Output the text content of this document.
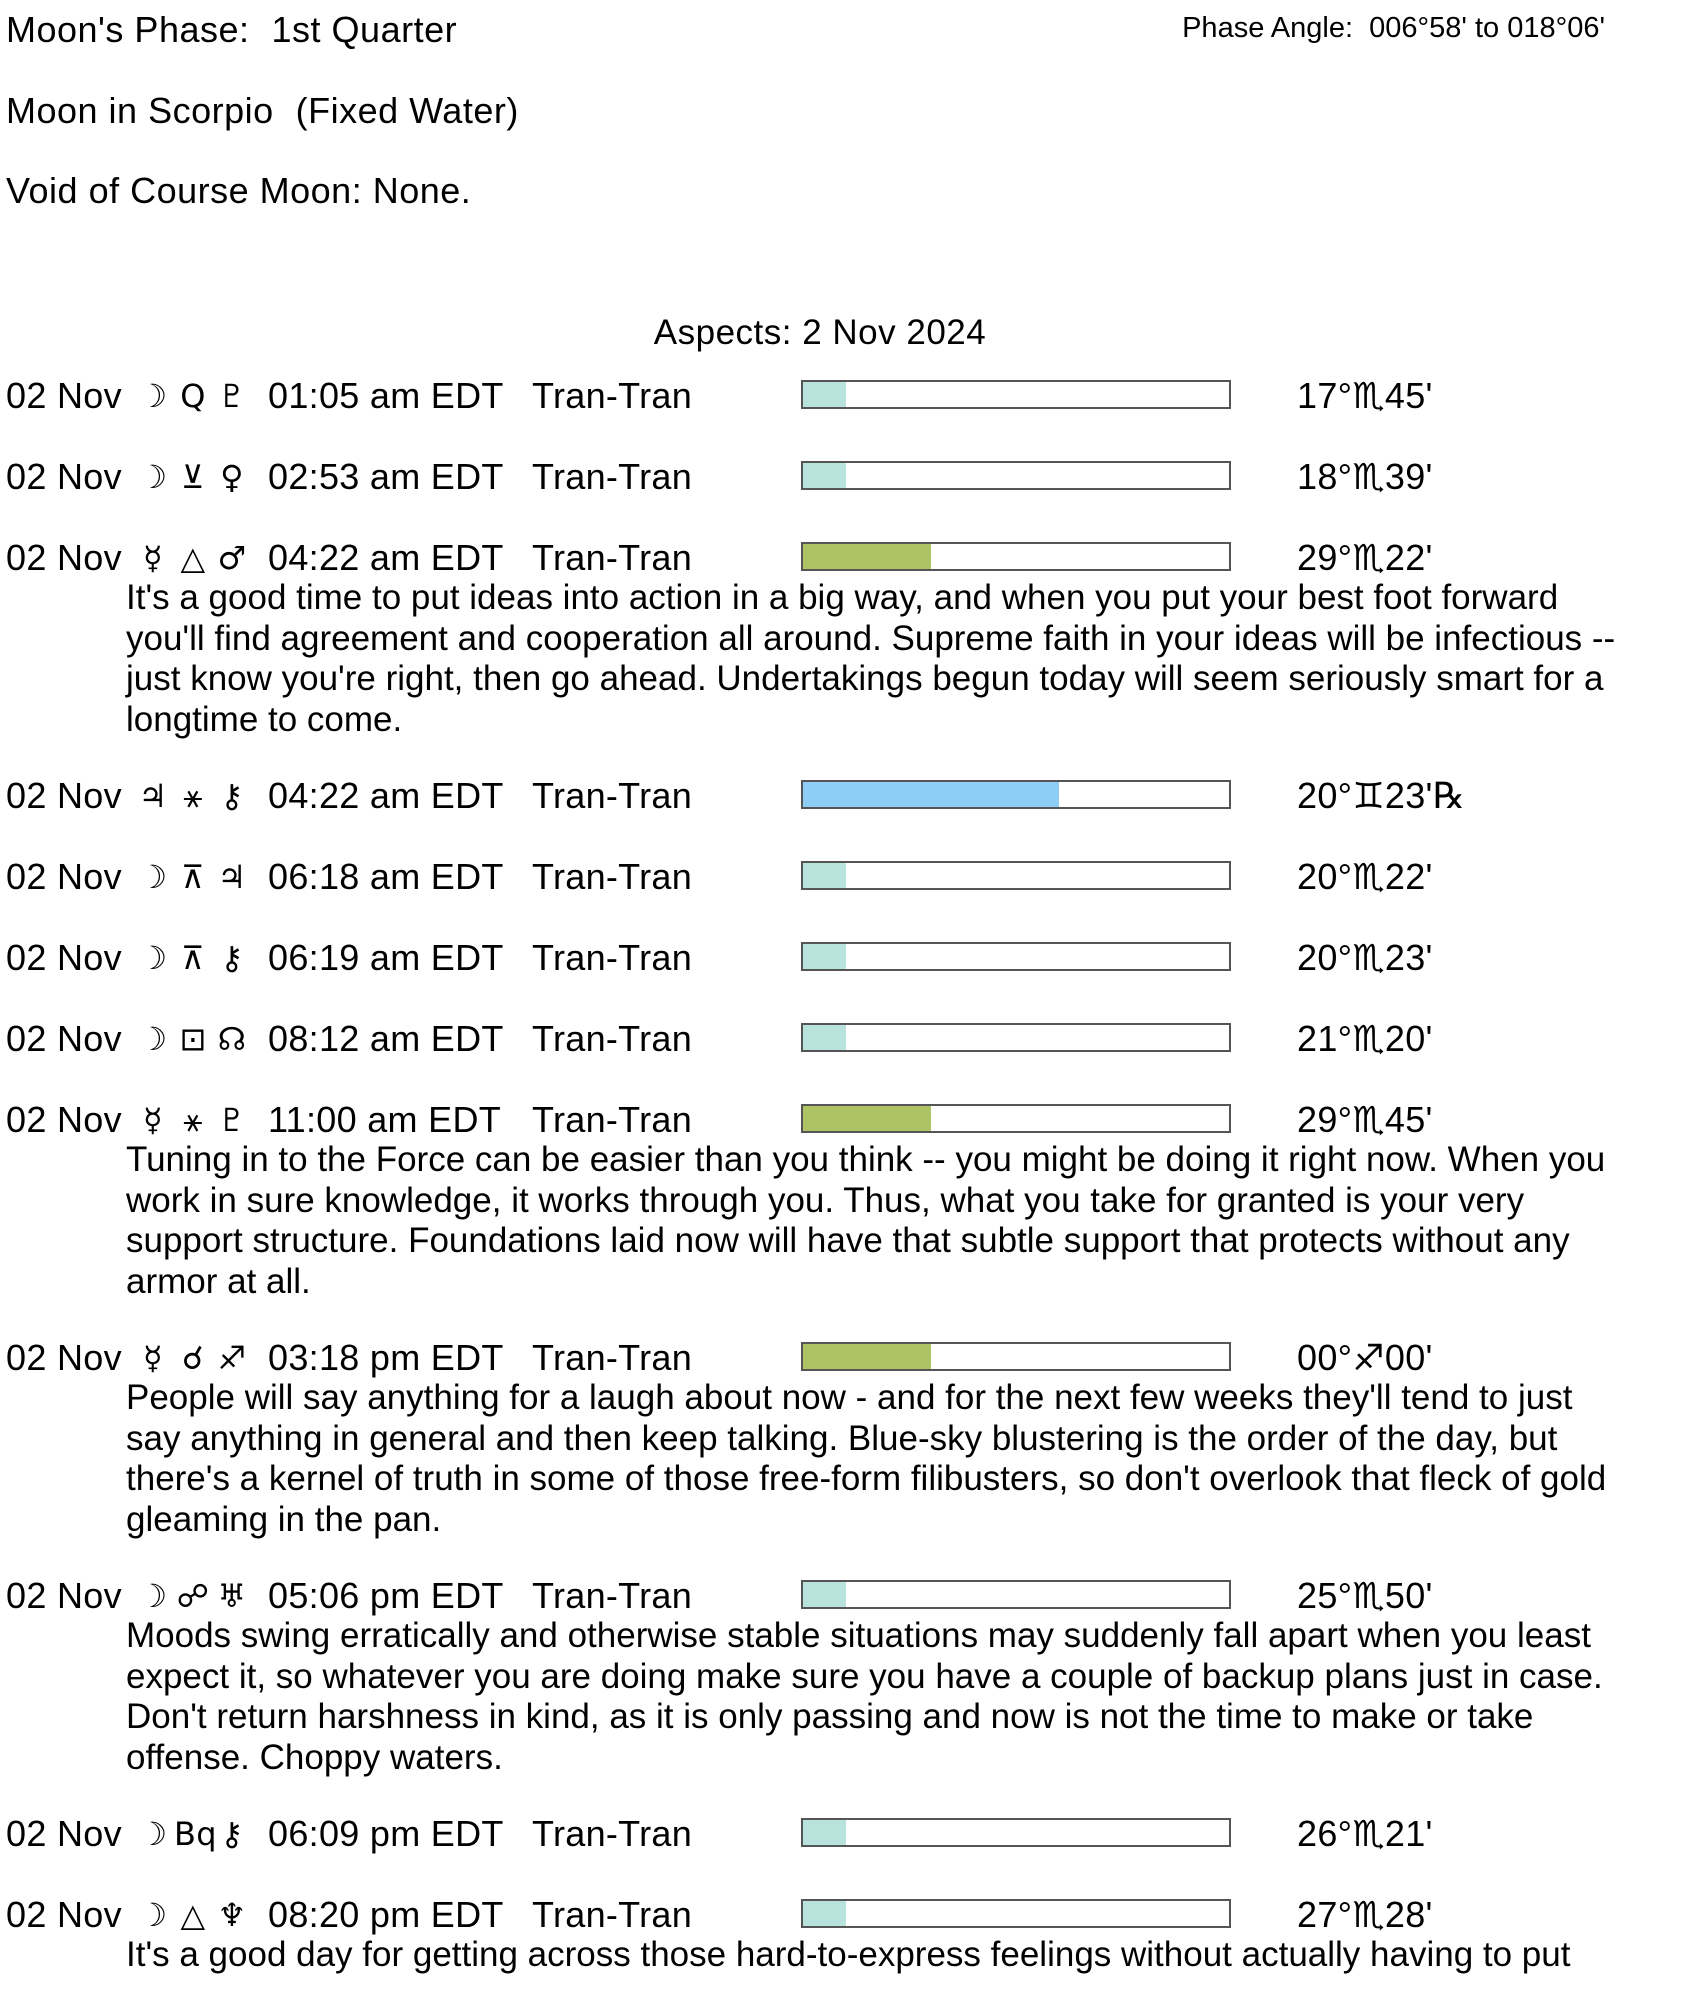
Moon's Phase: 1st Quarter	Phase Angle: 006°58' to 018°06'
Moon in Scorpio (Fixed Water)
Void of Course Moon: None.
Aspects: 2 Nov 2024
02 Nov ☽ Q ♇ 01:05 am EDT Tran-Tran	17°♏45'
02 Nov ☽ ⊻ ♀ 02:53 am EDT Tran-Tran	18°♏39'
02 Nov ☿ △ ♂ 04:22 am EDT Tran-Tran	29°♏22'
It's a good time to put ideas into action in a big way, and when you put your best foot forward you'll find agreement and cooperation all around. Supreme faith in your ideas will be infectious -- just know you're right, then go ahead. Undertakings begun today will seem seriously smart for a longtime to come.
02 Nov ♃ ⚹ ⚷ 04:22 am EDT Tran-Tran	20°♊23'℞
02 Nov ☽ ⊼ ♃ 06:18 am EDT Tran-Tran	20°♏22'
02 Nov ☽ ⊼ ⚷ 06:19 am EDT Tran-Tran	20°♏23'
02 Nov ☽ ⊡ ☊ 08:12 am EDT Tran-Tran	21°♏20'
02 Nov ☿ ⚹ ♇ 11:00 am EDT Tran-Tran	29°♏45'
Tuning in to the Force can be easier than you think -- you might be doing it right now. When you work in sure knowledge, it works through you. Thus, what you take for granted is your very support structure. Foundations laid now will have that subtle support that protects without any armor at all.
02 Nov ☿ ☌ ♐ 03:18 pm EDT Tran-Tran	00°♐00'
People will say anything for a laugh about now - and for the next few weeks they'll tend to just say anything in general and then keep talking. Blue-sky blustering is the order of the day, but there's a kernel of truth in some of those free-form filibusters, so don't overlook that fleck of gold gleaming in the pan.
02 Nov ☽ ☍ ♅ 05:06 pm EDT Tran-Tran	25°♏50'
Moods swing erratically and otherwise stable situations may suddenly fall apart when you least expect it, so whatever you are doing make sure you have a couple of backup plans just in case. Don't return harshness in kind, as it is only passing and now is not the time to make or take offense. Choppy waters.
02 Nov ☽ Bq ⚷ 06:09 pm EDT Tran-Tran	26°♏21'
02 Nov ☽ △ ♆ 08:20 pm EDT Tran-Tran	27°♏28'
It's a good day for getting across those hard-to-express feelings without actually having to put
